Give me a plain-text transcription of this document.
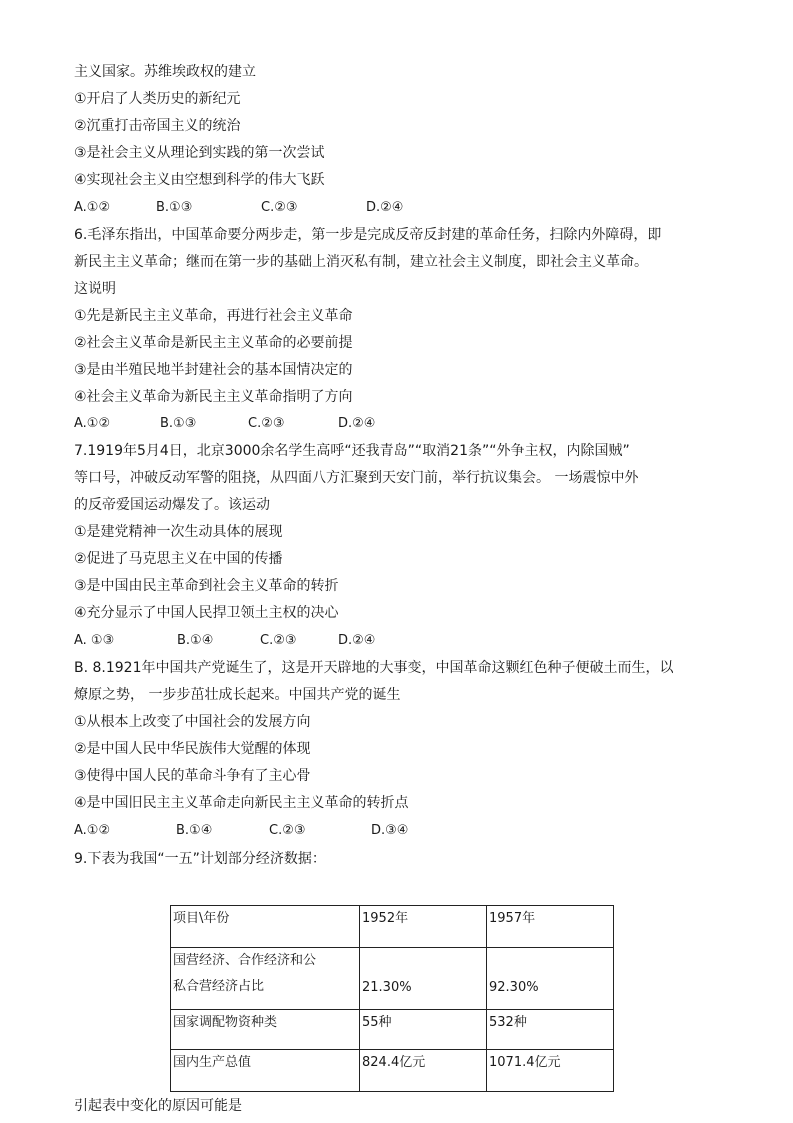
主义国家。苏维埃政权的建立
①开启了人类历史的新纪元
②沉重打击帝国主义的统治
③是社会主义从理论到实践的第一次尝试
④实现社会主义由空想到科学的伟大飞跃
A.①②	B.①③	C.②③	D.②④
6.毛泽东指出，中国革命要分两步走，第一步是完成反帝反封建的革命任务，扫除内外障碍，即
新民主主义革命；继而在第一步的基础上消灭私有制，建立社会主义制度，即社会主义革命。
这说明
①先是新民主主义革命，再进行社会主义革命
②社会主义革命是新民主主义革命的必要前提
③是由半殖民地半封建社会的基本国情决定的
④社会主义革命为新民主主义革命指明了方向
A.①②	B.①③	C.②③	D.②④
7.1919年5月4日，北京3000余名学生高呼“还我青岛”“取消21条”“外争主权，内除国贼”
等口号，冲破反动军警的阻挠，从四面八方汇聚到天安门前，举行抗议集会。 一场震惊中外
的反帝爱国运动爆发了。该运动
①是建党精神一次生动具体的展现
②促进了马克思主义在中国的传播
③是中国由民主革命到社会主义革命的转折
④充分显示了中国人民捍卫领土主权的决心
A. ①③	B.①④	C.②③	D.②④
B. 8.1921年中国共产党诞生了，这是开天辟地的大事变，中国革命这颗红色种子便破土而生，以
燎原之势， 一步步茁壮成长起来。中国共产党的诞生
①从根本上改变了中国社会的发展方向
②是中国人民中华民族伟大觉醒的体现
③使得中国人民的革命斗争有了主心骨
④是中国旧民主主义革命走向新民主主义革命的转折点
A.①②	B.①④	C.②③	D.③④
9.下表为我国“一五”计划部分经济数据：
项目\年份	1952年	1957年

国营经济、合作经济和公
私合营经济占比	21.30%	92.30%

国家调配物资种类	55种	532种

国内生产总值	824.4亿元	1071.4亿元
引起表中变化的原因可能是
